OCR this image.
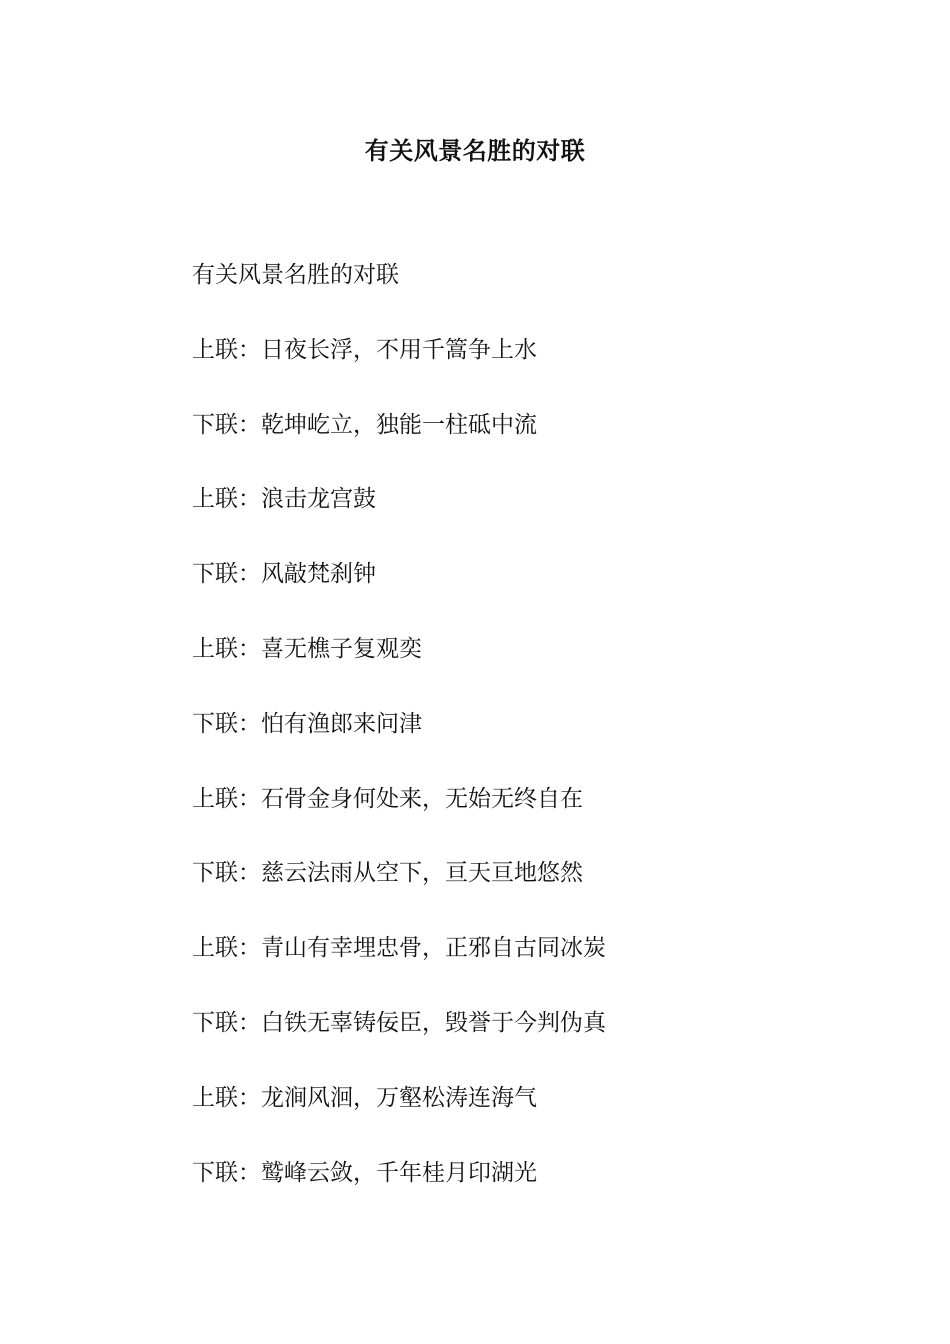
有关风景名胜的对联
有关风景名胜的对联
上联：日夜长浮，不用千篙争上水
下联：乾坤屹立，独能一柱砥中流
上联：浪击龙宫鼓
下联：风敲梵刹钟
上联：喜无樵子复观奕
下联：怕有渔郎来问津
上联：石骨金身何处来，无始无终自在
下联：慈云法雨从空下，亘天亘地悠然
上联：青山有幸埋忠骨，正邪自古同冰炭
下联：白铁无辜铸佞臣，毁誉于今判伪真
上联：龙涧风洄，万壑松涛连海气
下联：鹫峰云敛，千年桂月印湖光
